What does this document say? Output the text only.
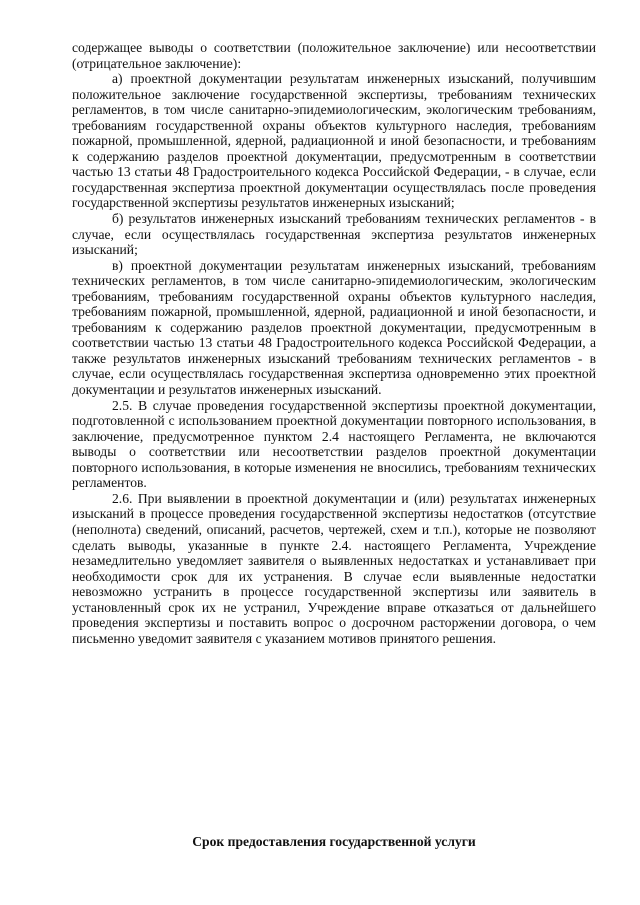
содержащее выводы о соответствии (положительное заключение) или несоответствии (отрицательное заключение):

а) проектной документации результатам инженерных изысканий, получившим положительное заключение государственной экспертизы, требованиям технических регламентов, в том числе санитарно-эпидемиологическим, экологическим требованиям, требованиям государственной охраны объектов культурного наследия, требованиям пожарной, промышленной, ядерной, радиационной и иной безопасности, и требованиям к содержанию разделов проектной документации, предусмотренным в соответствии частью 13 статьи 48 Градостроительного кодекса Российской Федерации, - в случае, если государственная экспертиза проектной документации осуществлялась после проведения государственной экспертизы результатов инженерных изысканий;

б) результатов инженерных изысканий требованиям технических регламентов - в случае, если осуществлялась государственная экспертиза результатов инженерных изысканий;

в) проектной документации результатам инженерных изысканий, требованиям технических регламентов, в том числе санитарно-эпидемиологическим, экологическим требованиям, требованиям государственной охраны объектов культурного наследия, требованиям пожарной, промышленной, ядерной, радиационной и иной безопасности, и требованиям к содержанию разделов проектной документации, предусмотренным в соответствии частью 13 статьи 48 Градостроительного кодекса Российской Федерации, а также результатов инженерных изысканий требованиям технических регламентов - в случае, если осуществлялась государственная экспертиза одновременно этих проектной документации и результатов инженерных изысканий.

2.5. В случае проведения государственной экспертизы проектной документации, подготовленной с использованием проектной документации повторного использования, в заключение, предусмотренное пунктом 2.4 настоящего Регламента, не включаются выводы о соответствии или несоответствии разделов проектной документации повторного использования, в которые изменения не вносились, требованиям технических регламентов.

2.6. При выявлении в проектной документации и (или) результатах инженерных изысканий в процессе проведения государственной экспертизы недостатков (отсутствие (неполнота) сведений, описаний, расчетов, чертежей, схем и т.п.), которые не позволяют сделать выводы, указанные в пункте 2.4. настоящего Регламента, Учреждение незамедлительно уведомляет заявителя о выявленных недостатках и устанавливает при необходимости срок для их устранения. В случае если выявленные недостатки невозможно устранить в процессе государственной экспертизы или заявитель в установленный срок их не устранил, Учреждение вправе отказаться от дальнейшего проведения экспертизы и поставить вопрос о досрочном расторжении договора, о чем письменно уведомит заявителя с указанием мотивов принятого решения.

Срок предоставления государственной услуги
